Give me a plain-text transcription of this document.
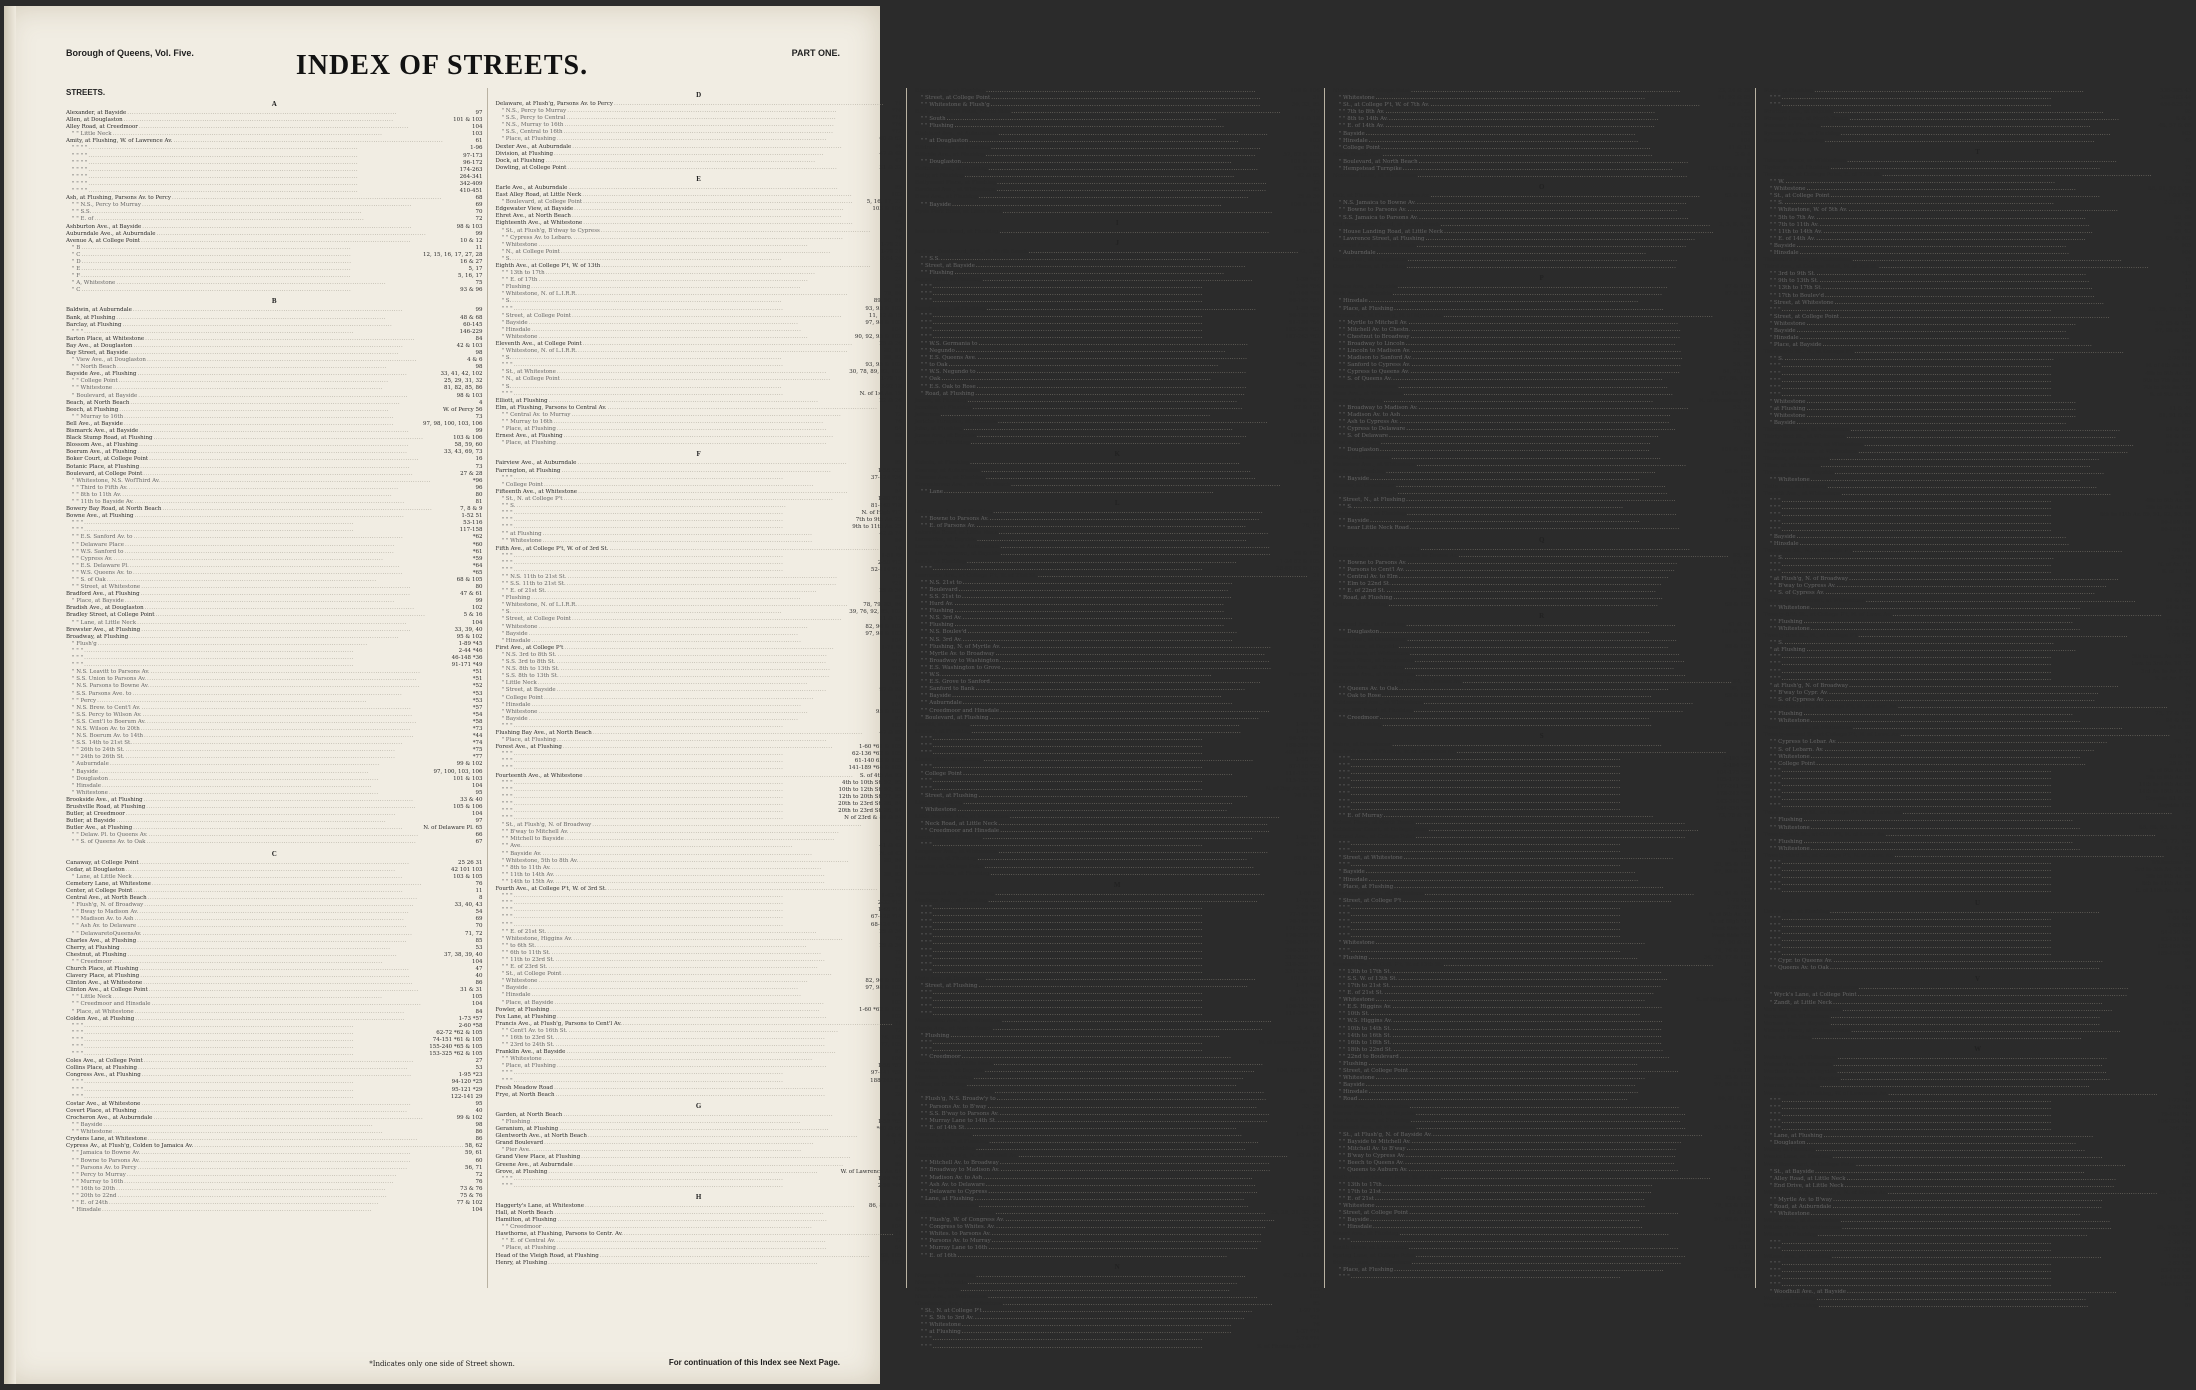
Borough of Queens, Vol. Five.	INDEX OF STREETS.	PART ONE.
STREETS.
A
Alexander, at Bayside
.....	97
Allen, at Douglaston
.....	101 & 103
Alley Road, at Creedmoor
.....	104
" " Little Neck
.....	103
Amity, at Flushing, W. of Lawrence Av.
.....	61
" " " "
.....	1-96
" " " "
.....	97-173
" " " "
.....	96-172
" " " "
.....	174-263
" " " "
.....	264-341
" " " "
.....	342-409
" " " "
.....	410-451
Ash, at Flushing, Parsons Av. to Percy
.....	68
" " N.S., Percy to Murray
.....	69
" " S.S.
.....	70
" " E. of
.....	72
Ashburton Ave., at Bayside
.....	98 & 103
Auburndale Ave., at Auburndale
.....	99
Avenue A, at College Point
.....	10 & 12
" B
.....	11
" C
.....	12, 15, 16, 17, 27, 28
" D
.....	16 & 27
" E
.....	5, 17
" F
.....	5, 16, 17
" A, Whitestone
.....	75
" C
.....	93 & 96
B
Baldwin, at Auburndale
.....	99
Bank, at Flushing
.....	48 & 68
Barclay, at Flushing
.....	60-145
" " "
.....	146-229
Barton Place, at Whitestone
.....	84
Bay Ave., at Douglaston
.....	42 & 103
Bay Street, at Bayside
.....	98
" View Ave., at Douglaston
.....	4 & 6
" " North Beach
.....	98
Bayside Ave., at Flushing
.....	33, 41, 42, 102
" " College Point
.....	25, 29, 31, 32
" " Whitestone
.....	81, 82, 85, 86
" Boulevard, at Bayside
.....	98 & 103
Beach, at North Beach
.....	4
Beech, at Flushing
.....	W. of Percy 56
" " Murray to 16th
.....	73
Bell Ave., at Bayside
.....	97, 98, 100, 103, 106
Bismarck Ave., at Bayside
.....	99
Black Stump Road, at Flushing
.....	103 & 106
Blossom Ave., at Flushing
.....	58, 59, 60
Boerum Ave., at Flushing
.....	33, 43, 69, 73
Boker Court, at College Point
.....	16
Botanic Place, at Flushing
.....	73
Boulevard, at College Point
.....	27 & 28
" Whitestone, N.S. WofThird Av.
.....	*96
" " Third to Fifth Av.
.....	96
" " 8th to 11th Av.
.....	80
" " 11th to Bayside Av.
.....	81
Bowery Bay Road, at North Beach
.....	7, 8 & 9
Bowne Ave., at Flushing
.....	1-52 51
" " "
.....	53-116
" " "
.....	117-158
" " E.S. Sanford Av. to
.....	*62
" " Delaware Place
.....	*60
" " W.S. Sanford to
.....	*61
" " Cypress Av.
.....	*59
" " E.S. Delaware Pl.
.....	*64
" " W.S. Queens Av. to
.....	*65
" " S. of Oak
.....	68 & 105
" " Street, at Whitestone
.....	80
Bradford Ave., at Flushing
.....	47 & 61
" Place, at Bayside
.....	99
Bradish Ave., at Douglaston
.....	102
Bradley Street, at College Point
.....	5 & 16
" " Lane, at Little Neck
.....	104
Brewster Ave., at Flushing
.....	33, 39, 40
Broadway, at Flushing
.....	95 & 102
" Flush'g
.....	1-89 *45
" " "
.....	2-44 *46
" " "
.....	46-148 *36
" " "
.....	91-171 *49
" N.S. Leavitt to Parsons Av.
.....	*51
" S.S. Union to Parsons Av.
.....	*51
" N.S. Parsons to Bowne Av.
.....	*52
" S.S. Parsons Ave. to
.....	*53
" " Percy
.....	*53
" N.S. Brew. to Cent'l Av.
.....	*57
" S.S. Percy to Wilson Av.
.....	*54
" S.S. Cent'l to Boerum Av.
.....	*58
" N.S. Wilson Av. to 20th
.....	*73
" N.S. Boerum Av. to 14th
.....	*44
" S.S. 14th to 21st St.
.....	*74
" " 26th to 24th St.
.....	*75
" " 24th to 26th St.
.....	*77
" Auburndale
.....	99 & 102
" Bayside
.....	97, 100, 103, 106
" Douglaston
.....	101 & 103
" Hinsdale
.....	104
" Whitestone
.....	95
Brookside Ave., at Flushing
.....	33 & 40
Brushville Road, at Flushing
.....	105 & 106
Butler, at Creedmoor
.....	104
Butler, at Bayside
.....	97
Butler Ave., at Flushing
.....	N. of Delaware Pl. 65
" " Delaw. Pl. to Queens Av.
.....	66
" " S. of Queens Av. to Oak
.....	67
C
Canaway, at College Point
.....	25 26 31
Cedar, at Douglaston
.....	42 101 103
" Lane, at Little Neck
.....	103 & 105
Cemetery Lane, at Whitestone
.....	76
Center, at College Point
.....	11
Central Ave., at North Beach
.....	8
" Flush'g, N. of Broadway
.....	33, 40, 43
" " Bway to Madison Av.
.....	54
" " Madison Av. to Ash
.....	69
" " Ash Av. to Delaware
.....	70
" " DelawaretoQueensAv.
.....	71, 72
Charles Ave., at Flushing
.....	85
Cherry, at Flushing
.....	53
Chestnut, at Flushing
.....	37, 38, 39, 40
" " Creedmoor
.....	104
Church Place, at Flushing
.....	47
Clavery Place, at Flushing
.....	40
Clinton Ave., at Whitestone
.....	86
Clinton Ave., at College Point
.....	31 & 31
" " Little Neck
.....	105
" " Creedmoor and Hinsdale
.....	104
" Place, at Whitestone
.....	84
Colden Ave., at Flushing
.....	1-73 *57
" " "
.....	2-60 *58
" " "
.....	62-72 *62 & 105
" " "
.....	74-151 *61 & 105
" " "
.....	155-240 *65 & 105
" " "
.....	153-325 *62 & 105
Coles Ave., at College Point
.....	27
Collins Place, at Flushing
.....	53
Congress Ave., at Flushing
.....	1-95 *23
" " "
.....	94-120 *25
" " "
.....	95-121 *29
" " "
.....	122-141 29
Costar Ave., at Whitestone
.....	95
Covert Place, at Flushing
.....	40
Crocheron Ave., at Auburndale
.....	99 & 102
" " Bayside
.....	98
" " Whitestone
.....	86
Crydens Lane, at Whitestone
.....	86
Cypress Av., at Flush'g, Colden to Jamaica Av.
.....	58, 62
" " Jamaica to Bowne Av.
.....	59, 61
" " Bowne to Parsons Av.
.....	60
" " Parsons Av. to Percy
.....	56, 71
" " Percy to Murray
.....	72
" " Murray to 16th
.....	76
" " 16th to 20th
.....	73 & 76
" " 20th to 22nd
.....	75 & 76
" " E. of 24th
.....	77 & 102
" Hinsdale
.....	104
D
Delaware, at Flush'g, Parsons Av. to Percy
.....	71
" N.S., Percy to Murray
.....	*70
" S.S., Percy to Central
.....	*71
" N.S., Murray to 16th
.....	*76
" S.S., Central to 16th
.....	*72
" Place, at Flushing
.....	60 & 62
Dexter Ave., at Auburndale
.....	46
Division, at Flushing
.....	47 & 48
Dock, at Flushing
.....	47
Dowling, at College Point
.....	31 & 32
E
Earle Ave., at Auburndale
.....	99
East Alley Road, at Little Neck
.....	103
" Boulevard, at College Point
.....	5, 16, 17, 27
Edgewater View, at Bayside
.....	103 & 106
Ehret Ave., at North Beach
.....	8
Eighteenth Ave., at Whitestone
.....	95
" St., at Flush'g, B'dway to Cypress
.....	76
" " Cypress Av. to Lebaro.
.....	76
" Whitestone
.....	1-79 21
" N., at College Point
.....	1-79 21
" S.
.....	2-84 20
Eighth Ave., at College P't, W. of 13th
.....	22
" " 13th to 17th
.....	23
" " E. of 17th
.....	24
" Flushing
.....	88
" Whitestone, N. of L.I.R.R.
.....	79, 80
" S.
.....	89, 90, 91
" " "
.....	93, 95 & 102
" Street, at College Point
.....	11, 12 & 15
" Bayside
.....	97, 98 & 103
" Hinsdale
.....	104
" Whitestone
.....	90, 92, 95 & 102
Eleventh Ave., at College Point
.....	25 & 26
" Whitestone, N. of L.I.R.R.
.....	80, 81
" S.
.....	88, 92
" " "
.....	93, 95 & 102
" St., at Whitestone
.....	30, 78, 89, 92, 102
" N., at College Point
.....	1-79 19
" S.
.....	2-92 18
" " "
.....	N. of 1st Av. 19
Elliott, at Flushing
.....	22 & 26
Elm, at Flushing, Parsons to Central Av.
.....	71
" " Central Av. to Murray
.....	72
" " Murray to 16th
.....	76
" Place, at Flushing
.....	64
Ernest Ave., at Flushing
.....	88
" Place, at Flushing
.....	88
F
Fairview Ave., at Auburndale
.....	99
Farrington, at Flushing
.....	1-56 *35
" " "
.....	37-124 *36
" College Point
.....	16
Fifteenth Ave., at Whitestone
.....	94
" St., N. at College P't
.....	1-80 *19
" " S.
.....	81-160 *18
" " "
.....	N. of High *17
" " "
.....	7th to 9th Av. 23
" " "
.....	9th to 11th Av. 25
" " at Flushing
.....	42 & 74
" " Whitestone
.....	80
Fifth Ave., at College P't, W. of of 3rd St.
.....	10
" " "
.....	1-51 *9
" " "
.....	2-50 *13
" " "
.....	52-114 *14
" " N.S. 11th to 21st St.
.....	*15
" " S.S. 11th to 21st St.
.....	*21
" " E. of 21st St.
.....	29 & 30
" Flushing
.....	88
" Whitestone, N. of L.I.R.R.
.....	78, 79, 83, 96
" S.
.....	39, 76, 92, 95, 102
" Street, at College Point
.....	11 & 12
" Whitestone
.....	82, 96 & 102
" Bayside
.....	97, 98 & 103
" Hinsdale
.....	104
First Ave., at College P't
.....	1-71 *8
" N.S. 3rd to 8th St.
.....	*12
" S.S. 3rd to 8th St.
.....	*11
" N.S. 8th to 13th St.
.....	*15
" S.S. 8th to 13th St.
.....	*14
" Little Neck
.....	103
" Street, at Bayside
.....	97 & 98
" College Point
.....	10
" Hinsdale
.....	104
" Whitestone
.....	95 & 102
" Bayside
.....	97
" " "
.....	103
Flushing Bay Ave., at North Beach
.....	47 & 89
" Place, at Flushing
.....	89
Forest Ave., at Flushing
.....	1-60 *61 & 105
" " "
.....	62-136 *62 & 105
" " "
.....	61-140 63 & 105
" " "
.....	141-189 *64 & 105
Fourteenth Ave., at Whitestone
.....	S. of 4th Av. 93
" " "
.....	4th to 10th St. 92, 95
" " "
.....	10th to 12th St. 92, 95
" " "
.....	12th to 20th St. 77, 95
" " "
.....	20th to 23rd St. 86, 94
" " "
.....	20th to 23rd St. 86, 94
" " "
.....	N of 23rd & 84 & 94
" St., at Flush'g, N. of Broadway
.....	73
" " B'way to Mitchell Av.
.....	44, 74
" " Mitchell to Bayside
.....	43
" " Ave.
.....	41 & 42
" " Bayside Av.
.....	N. of 43
" Whitestone, 5th to 8th Av.
.....	80, 90
" " 8th to 11th Av.
.....	81
" " 11th to 14th Av.
.....	88, 93
" " 14th to 15th Av.
.....	89
Fourth Ave., at College P't, W. of 3rd St.
.....	10
" " "
.....	1-43 *9
" " "
.....	2-32 *13
" " "
.....	1-66 *14
" " "
.....	67-125 *14
" " "
.....	68-124 *15
" " E. of 21st St.
.....	29 & 30
" Whitestone, Higgins Av.
.....	79
" " to 6th St.
.....	29 & 30
" " 6th to 11th St.
.....	78
" " 11th to 23rd St.
.....	79
" " E. of 23rd St.
.....	82
" St., at College Point
.....	11
" Whitestone
.....	82, 96 & 102
" Bayside
.....	97, 98 & 103
" Hinsdale
.....	104
" Place, at Bayside
.....	103
Fowler, at Flushing
.....	1-60 *62 & 105
Fox Lane, at Flushing
.....	102
Francis Ave., at Flush'g, Parsons to Cent'l Av.
.....	71
" " Cent'l Av. to 16th St.
.....	72
" " 16th to 23rd St.
.....	76, 105
" " 23rd to 24th St.
.....	77, 105
Franklin Ave., at Bayside
.....	97
" " Whitestone
.....	100
" Place, at Flushing
.....	1-56 *57
" " "
.....	97-141 *58
" " "
.....	188-243 60
Fresh Meadow Road
.....	87
Frye, at North Beach
.....	28
G
Garden, at North Beach
.....	4 & 6
" Flushing
.....	1-59 *65
Geranium, at Flushing
.....	*60 & 66
Glentworth Ave., at North Beach
.....	4 & 6
Grand Boulevard
.....	1-7
" Pier Ave.
.....	4
Grand View Place, at Flushing
.....	40
Greene Ave., at Auburndale
.....	99
Grove, at Flushing
.....	W. of Lawrence Av. 61
" " "
.....	1-99 *47
" " "
.....	2-98 *46
H
Haggerty's Lane, at Whitestone
.....	86, 88 & 94
Hall, at North Beach
.....	8
Hamilton, at Flushing
.....	48
" " Creedmoor
.....	104
Hawthorne, at Flushing, Parsons to Centr. Av.
.....	71
" " E. of Central Av.
.....	72
" Place, at Flushing
.....	64
Head of the Vleigh Road, at Flushing
.....	68, 105
Henry, at Flushing
.....	77, 105
Higgins Ave., at Flushing
.....	100 & 106
" Street, at College Point
.....	31
" " Whitestone & Flush'g
.....	30, 33, 95
High, at College Point, North Side
.....	*17
" " South
.....	*14 & 18
" " Flushing
.....	*35
Highland Ave., at Auburndale
.....	99
" " at Douglaston
.....	103
Hildreth Place, at Flushing
.....	74
Hillside Ave., at Flushing
.....	57, 62 & 105
" " Douglaston
.....	101 & 103
Hoffman Ave., at Flushing
.....	63 & 105
Holly, at Flushing
.....	62 & 65
Hollywood Place, at Flushing
.....	72
Howland Ave., at Whitestone
.....	95
Hurd Ave., at Flushing
.....	29 & 30
" " Bayside
.....	100 & 106
Hyde Park Road, at Little Neck
.....	103
I
Ireland Mill Road, at Flushing
.....	68 & 105
J
Jackson Boulevard, N.S., at North Beach
.....	*2, 3, 4
" " S.S.
.....	*6
" Street, at Bayside
.....	98
" " Flushing
.....	103
Jaggar Ave., at Flushing
.....	1-39 *47
" " "
.....	2-84 *56
" " "
.....	41-109 *48
" " "
.....	86-102 *54
Jamaica Ave., at Flushing
.....	1-89 *59
" " "
.....	90-180 *59
" " "
.....	91-184 *60
" " "
.....	183-298 *62
" " "
.....	187-263 *62
" " W.S. Germania to
.....	*65
" " Negundo
.....	*65
" " E.S. Queens Ave.
.....	*65
" " to Oak
.....	*66, 105
" " W.S. Negundo to
.....	*65
" " Oak
.....	*65
" " E.S. Oak to Rose
.....	*68, 105
" Road, at Flushing
.....	105
James, at Flushing
.....	68 & 105
Jasmine, at Flushing
.....	67 & 105
Jefferson
.....	61
Jericho Turnpike, at Hinsdale
.....	104
John, at Flushing
.....	61
Jones Ave., at Bayside
.....	100 & 106
Juniper, at Flushing
.....	65 & 105
K
Kalmia, at Flushing
.....	65 & 105
Keerney, at Auburndale
.....	99
Kissena Ave., at Flushing
.....	65
Kowenhoven Ave., at North Beach
.....	5
" " Lane
.....	6
L
Laburnum Ave., at Flushing
.....	1-62 66
" " Bowne to Parsons Av.
.....	67
" " E. of Parsons Av.
.....	76, 71
Lakeville Road, at Little Neck
.....	103
Lamartine, at Bayside
.....	99
Lancaster Ave., at Auburndale
.....	99
Lane to Frogstown, at Bayside
.....	98 & 102
Larch, at Flushing
.....	1-24 62 & 105
" " "
.....	25-68 63 & 105
Lawrence Ave., at College P't, W. of 21st St.
.....	21
" " N.S. 21st to
.....	*27
" " Boulevard
.....	*27
" " S.S. 21st to
.....	28
" " Hurd Av.
.....	29
" " Flushing
.....	*36
" " N.S. 3rd Av.
.....	*26
" " Flushing
.....	*31
" " N.S. Boulev'd
.....	*29
" " N.S. 3rd Av.
.....	*46
" " Flushing, N. of Myrtle Av.
.....	61
" " Myrtle Av. to Broadway
.....	*47
" " Broadway to Washington
.....	*48
" " E.S. Washington to Grove
.....	*46
" " W.S.
.....	Fowler *61
" " E.S. Grove to Sanford
.....	*41
" " Sanford to Bank
.....	*58
" " Bayside
.....	97 & 103
" " Auburndale
.....	99
" " Creedmoor and Hinsdale
.....	104
" Boulevard, at Flushing
.....	73
Leavitt, at Flushing
.....	1-89 *46
Lincoln, at Flushing
.....	1-40 *45
" " "
.....	90-167 *49
" " "
.....	168-389 *48
" " "
.....	406-417 *73
Linden Ave., at Flushing
.....	1-56 *27
" " "
.....	57-110 *35
" College Point
.....	111-150 *35
" " "
.....	115-153 *22
" " "
.....	N. of Bay Av. 28, 32
" Street, at Flushing
.....	76 & 105
Linn, at Flushing
.....	45
" Whitestone
.....	75
Little Bayside Ave., at Whitestone
.....	100
" Neck Road, at Little Neck
.....	103
" " Creedmoor and Hinsdale
.....	104
Locust Ave., at Flushing
.....	1-80 *61
" " "
.....	2-90 *61
Longview Ave., at Whitestone
.....	100
Lott Lane, at Flushing
.....	68 & 105
Loudon, at College Point
.....	15
Lucerne Place, at Flushing
.....	75 & 102
M
Macdonald Ave., at Flushing
.....	1-56 50
Madison Ave., at Flushing
.....	1-76 *53
" " "
.....	2-74 *54
" " "
.....	77-169 *55
" " "
.....	76-168 *56
" " "
.....	171-245 *73
" " "
.....	170-238 *72
" " "
.....	246-319 *74
" " "
.....	240-316 *74
" " "
.....	312-350 *77
" " "
.....	318-350 *75
" " "
.....	331-355 *77
Main Ave., at Douglaston
.....	101 & 103
" Street, at Flushing
.....	1-47 *48
" " "
.....	2-98 *49
" " "
.....	49-111 *50
" " "
.....	106-152 *51
" " "
.....	111-204 *64
Manhattan Ave., at Whitestone
.....	102
Maple Ave., at North Beach
.....	3, 4 & 6
" Flushing
.....	52
" " "
.....	W. of Lawrence Av. 61
" " "
.....	57-77 *47
" " Creedmoor
.....	104
Marvin Road, at Little Neck
.....	103
Maurice Ave., at Bayside
.....	100, 103 & 106
Meadow, at Flushing
.....	88
Miller, at Flushing
.....	60
Mitchell Ave., at Whitestone
.....	99, 102
" Flush'g, N.S. Broadw'y to
.....	*43
" " Parsons Av. to B'way
.....	33, 39
" " S.S. B'way to Parsons Av.
.....	39
" " Murray Lane to 14th St.
.....	41
" " E. of 14th St.
.....	41 & 42
Monroe, at Flushing
.....	1-54 *57
Montauk Ave., at Flushing
.....	50
Mulberry, at Flushing
.....	45
Murray, at Flush'g, N. of Mitchell Av.
.....	33 & 41
" " Mitchell Av. to Broadway
.....	44
" " Broadway to Madison Av.
.....	55
" " Madison Av. to Ash
.....	69
" " Ash Av. to Delaware
.....	70
" " Delaware to Cypress
.....	72
" Lane, at Flushing
.....	33 & 41
Musket, at Whitestone
.....	95
Myrtle Ave., at College Point
.....	25, 29, 31, 32, 34
" " Flush'g, W. of Congress Av.
.....	33, 35
" " Congress to Whites. Av.
.....	35, 36
" " Whites. to Parsons Av.
.....	33, 37
" " Parsons Av. to Murray
.....	38
" " Murray Lane to 16th
.....	41
" " E. of 16th
.....	41 & 42
N
Negundo, at Flushing
.....	62, 65 & 105
Nelson, at Bayside
.....	97
New, at Bayside
.....	103
Nicoll Ave., at Whitestone
.....	102
Nineteenth Ave., at Whitestone
.....	95
" St., N. at College P't
.....	1-97 19
" " S. 5th to 3rd Av.
.....	*21
" " Whitestone
.....	76
" " at Flushing
.....	1-37 *74
" " "
.....	2-74 *74
" " "
.....	S. of Flushing 42 & 87
Ninth Ave., at College Point
.....	23, 24 & 26
" Whitestone
.....	91, 92 & 95
" St., at College P't, W. of 7th Av.
.....	29 & 30
" " 7th to 8th Av.
.....	*22
" " 8th to 14th Av.
.....	*23
" " E. of 14th Av.
.....	25 & 29
" Bayside
.....	103
" Hinsdale
.....	104
" College Point
.....	11 & 15
North Beach Ave.
.....	3 & 4
" Boulevard, at North Beach
.....	6
" Hempstead Turnpike
.....	103, 105 & 106
Nostrand Lane, at Whitestone
.....	28 & 78
O
Oak, at Flushing, W. of Jamaica Av.
.....	62 & 105
" N.S. Jamaica to Bowne Av.
.....	*66
" " Bowne to Parsons Av.
.....	*67
" S.S. Jamaica to Parsons Av.
.....	*68
Old Bowery Bay Road, at North Beach
.....	2, 3, 6, 8, 9
" House Landing Road, at Little Neck
.....	103
" Lawrence Street, at Flushing
.....	61
Orchard Ave., at North Beach
.....	6
" Auburndale
.....	99
Orient Ave., at Douglaston
.....	101 & 103
Osgood Place, at Flushing
.....	40
P
Palace Ave., at Bayside
.....	97 & 103
Park Ave., at Bayside
.....	97 & 103
" Hinsdale
.....	104
" Place, at Flushing
.....	56
Parsons Av., at Flush'g, N. of Myrtle Av.
.....	33
" " Myrtle to Mitchell Av.
.....	33, 37
" " Mitchell Av. to Chestn.
.....	37, 38
" " Chestnut to Broadway
.....	38, 39
" " Broadway to Lincoln
.....	51, 52
" " Lincoln to Madison Av.
.....	52, 53
" " Madison to Sanford Av.
.....	56
" " Sanford to Cypress Av.
.....	56, 60
" " Cypress to Queens Av.
.....	64, 70, 71
" " S. of Queens Av.
.....	67, 68, 105
Pearsall, at Whitestone
.....	95
Penn Ave., at Whitestone
.....	95, 100 & 102
Percy, at Flushing
.....	N. of Broadway 44
" " Broadway to Madison Av.
.....	53, 54
" " Madison Av. to Ash
.....	69
" " Ash to Cypress Av.
.....	56, 70
" " Cypress to Delaware
.....	70, 71
" " S. of Delaware
.....	71
Pine, at Flushing
.....	99
" " Douglaston
.....	101 & 103
Pistol, at Creedmoor
.....	104
Plainview Ave., at Whitestone
.....	100
Poplar, at Flushing
.....	68 & 105
" " Bayside
.....	103
Powder, at Creedmoor
.....	104
Prince Ave., at Bayside
.....	100 & 106
" Street, N., at Flushing
.....	1-99 *46
" " S.
.....	2-96 *53
Prospect Ave., at Flushing
.....	61
" " Bayside
.....	97 & 103
" " near Little Neck Road
.....	103
Q
Quarrelsome Lane, at Flushing
.....	105
Queens Av., at Flush'g, Jamaica to Bowne Av.
.....	65, 66
" " Bowne to Parsons Av.
.....	64, 67
" " Parsons to Cent'l Av.
.....	71, 105
" " Central Av. to Elm
.....	72, 105
" " Elm to 22nd St.
.....	76
" " E. of 22nd St.
.....	77, 102
" Road, at Flushing
.....	105
Quince, at Flushing
.....	68 & 105
R
Railroad Ave., at Flushing
.....	61 & 74
" " Douglaston
.....	101 & 103
Range Ave., at Creedmoor
.....	104
Reads Lane, at Bayside
.....	98 & 103
Reed's Lane, at Whitestone
.....	86
Regatta Place, at Douglaston
.....	101
Remsen Ave., at Flushing
.....	69
Riverside Ave., at Whitestone
.....	77
Robinson Ave., at Flush'g, Cypr. to Queens Av.
.....	64, 65
" " Queens Av. to Oak
.....	66, 105
" " Oak to Rose
.....	68 & 105
Robinswood Ave., at Whitestone
.....	102
Rocky Hill Road, at Flushing
.....	104
" " Creedmoor
.....	104
Rose, at Flushing
.....	68 & 105
S
Sabre, at Creedmoor
.....	104
Sanford Ave., at Flush'g, W. of Lawrence Av.
.....	61
" " "
.....	1-103 *58
" " "
.....	2-104 *57
" " "
.....	104-175 *56
" " "
.....	105-176 *59
" " "
.....	177-241 *59
" " "
.....	178-242 *60
" " "
.....	243-340 *56
" " "
.....	244-336 *56
" " E. of Murray
.....	73, 75 & 76
School Place, at North Beach
.....	4
Schleicher Court, at College Point
.....	16
Second Ave., at College Point
.....	1-50
" " "
.....	51-100
" " "
.....	106-215
" Street, at Whitestone
.....	10
" " "
.....	30, 95 & 102
" Bayside
.....	97, 98 & 103
" Hinsdale
.....	104
" Place, at Flushing
.....	88
Seventeenth Ave., at Whitestone
.....	93, 94 & 102
" Street, at College P't
.....	1-79 *19
" " "
.....	2-78 *21
" " "
.....	S. of 5th Av. 26
" " "
.....	N. of High *17
" " "
.....	East Side *24
" " "
.....	West Side *23
" Whitestone
.....	87, 90 & 91
" " "
.....	74, 76 & 105
" Flushing
.....	36, 75, 77 & 105
Seventh Ave., at Coll. P't, W. of 13th St.
.....	10
" " 13th to 17th St.
.....	20
" " S.S. W. of 13th St.
.....	*22
" " 17th to 21st St.
.....	*24
" " E. of 21st St.
.....	29
" Whitestone
.....	S. of Higgins Av. 95
" " E.S. Higgins Av.
.....	95
" " 10th St.
.....	95
" " W.S. Higgins Av.
.....	79
" " 10th to 14th St.
.....	80
" " 14th to 16th St.
.....	81
" " 16th to 18th St.
.....	83, 86
" " 18th to 22nd St.
.....	86, 95
" " 22nd to Boulevard
.....	95
" Flushing
.....	88
" Street, at College Point
.....	12 & 16
" Whitestone
.....	30, 95 & 102
" Bayside
.....	97, 98 & 103
" Hinsdale
.....	104
" Road
.....	80, 81 & 88
Shaker Ave., at Douglaston
.....	103
Shaver Boulevard, at Bayside
.....	97
Sheridan Place, at Flushing
.....	69
Sixteenth Ave., at Whitestone
.....	93, 94 & 102
" St., at Flush'g, N. of Bayside Av.
.....	42
" " Bayside to Mitchell Av.
.....	41
" " Mitchell Av. to B'way
.....	44, 74
" " B'way to Cypress Av.
.....	74
" " Beech to Queens Av.
.....	76
" " Queens to Auburn Av.
.....	76, 105
Sixth Ave., at College Point, W. of 13th
.....	16
" " 13th to 17th
.....	20
" " 17th to 21st
.....	21
" " E. of 21st
.....	*29 & 30
" Whitestone
.....	79, 83 & 102
" Street, at College Point
.....	12 & 16
" " Bayside
.....	97, 98 & 103
" " Hinsdale
.....	104
Smart Ave., at Flushing
.....	1-60
" " "
.....	2-60
South Drive, at Little Neck
.....	121-212
Spring Lane, at College Point
.....	67
Station Lane, at Whitestone
.....	1-49
" Place, at Flushing
.....	2222-209
" " "
.....	19, 87
State, at Flushing
.....	338-385 43
" " "
.....	386-453 44
" " "
.....	454-525 74
Stratton Ave., at Bayside
.....	98
Strong's Lane, at North Beach
.....	8 & 9
Sumner, at Flushing
.....	48, 57 & 68
Sycamore Ave., at Flushing
.....	103
Sylvester, at Flushing
.....	49
T
Talmage Place, at Whitestone
.....	78
Taylor Ave., at Flushing
.....	73
Tenth Ave., at College Point, E. of 17th St.
.....	24
" " W.
.....	*26
" Whitestone
.....	88, 91, 92 & 95
" St., at College Point
.....	1-93 *21
" " S.
.....	2-22 & 26
" " Whitestone, W. of 5th Av.
.....	30
" " 5th to 7th Av.
.....	80, 86
" " 7th to 11th Av.
.....	79, 86
" " 11th to 14th Av.
.....	89, 92
" " E. of 14th Av.
.....	95 & 102
" Bayside
.....	103
" Hinsdale
.....	104
Thalman's Place, at Whitestone
.....	78
Third Ave., at College Point, W. of 3rd St.
.....	9
" " 3rd to 9th St.
.....	*13
" " 9th to 13th St.
.....	11
" " 13th to 17th St.
.....	15
" " 17th to Boulev'd
.....	18, 27
" Street, at Whitestone
.....	30
" " "
.....	28, 29, 78 & 96
" Street, at College Point
.....	11
" Whitestone
.....	30, 95 & 102
" Bayside
.....	97, 98 & 103
" Hinsdale
.....	104
" Place, at Bayside
.....	98
Thirteenth St., N., at College P't
.....	1-79 *19
" " S.
.....	2-78 *18
" " "
.....	N. of 4th Av. *15
" " "
.....	4th to 5th Av. 20
" " "
.....	5th to 7th Av. *21
" " "
.....	7th to 9th Av. *22
" " "
.....	S. of 9th Av. 26
" Whitestone
.....	79
" at Flushing
.....	41 & 44
" Whitestone
.....	81, 91 & 93
" Bayside
.....	103
Thirtieth Street, at Whitestone
.....	94 & 102
Thirty-first St., at Whitestone
.....	94 & 102
Thirty-second Street, at Whitestone
.....	94 & 102
Thirty-third Street, at Whitestone
.....	94 & 102
Thomas, at Auburndale
.....	99
Titus, at Whitestone
.....	102
Tremont Ave., at Bayside
.....	100 & 106
" " Whitestone
.....	95
Tulip Ave., at Flushing
.....	65
Twelfth Ave., at Whitestone
.....	81, 90
" " "
.....	4th to 5th Av. 80
" " "
.....	5th to 7th Av. 86
" " "
.....	8th to 11th Av. 89, 91, 92, 93, 96
" " "
.....	80-169 *16
" " "
.....	80-160 *16
" Bayside
.....	103
" Hinsdale
.....	104
Twentieth St., N., at College P't
.....	1-79 *16
" " S.
.....	2-78 *8
" " "
.....	N. of Av. F 5
" " "
.....	S. of " " 10
" at Flush'g, N. of Broadway
.....	74
" " B'way to Cypress Av.
.....	73, 75
" " S. of Cypress Av.
.....	73, 75
Twenty-eighth Street, at Whitestone
.....	94 & 102
" " Whitestone
.....	94 & 102
Twenty-fifth St., at College P't, N. of Lawr. Av.
.....	27
" " Flushing
.....	77 & 105
" " Whitestone
.....	94 & 102
Twenty-first St., N., at College P't
.....	1-79 *21
" " S.
.....	2-78 *22
" at Flushing
.....	74
" " "
.....	5th to Law. Av. 18, 29
" " "
.....	Law. to 3rd Av. 18, 27
" " "
.....	3rd Av. to Av. F 27
" " "
.....	S. of Av. F 27
" at Flush'g, N. of Broadway
.....	74
" " B'way to Cypr. Av.
.....	74
" " S. of Cypress Av.
.....	75
Twenty-fourth St., at College P't, N. of Lawr. Av.
.....	27
" " Flushing
.....	75, 77 & 105
" " Whitestone
.....	94 & 102
Twenty-ninth St., at Whitestone
.....	94 & 96
Twenty-second St., at College P't, N. of Lawr. Av.
.....	27
" " Cypress to Lebar. Av.
.....	76, 77
" " S. of Lebarn. Av.
.....	77
" " Whitestone
.....	26 & 78
" " College Point
.....	26 & 78
" " "
.....	S. of 5th Av. 16
" " "
.....	5th to 8th Av. 83
" " "
.....	11th to 14th Av. 86
" " "
.....	14th to 15th Av. 88
" " "
.....	Bayside 81 & 85
" " "
.....	Bayside 103
Twenty-seventh St., at College P't, N. of Lawr. Av.
.....	27
" " Flushing
.....	77
" " Whitestone
.....	86, 88, 93, 94, 102
Twenty-sixth St., at Coll. P't, N. of Lawr. Av.
.....	27
" " Flushing
.....	75, 77, 105
" " Whitestone
.....	94 & 102
Twenty-third St., at College P't, N. of Lawr. Av.
.....	27
" " "
.....	Whitestone 25
" " "
.....	3rd to 5th Av. 29, 96
" " "
.....	5th to 8th Av. 83
" " "
.....	8th to 11th Av. 86
" " "
.....	E. of 11th Av. 81, 96
U
Union Ave., at Flushing
.....	68 & 105
" " "
.....	1-81 *49
" " "
.....	2-82 *51
" " "
.....	64-130 *52
" " "
.....	83-131 *53
" " "
.....	132-158 *54
" " "
.....	159-195 *55
" " Cypr. to Queens Av.
.....	64
" " Queens Av. to Oak
.....	66
V
Van Nostrand Ave., at Douglaston
.....	42 & 103
" Wyck's Lane, at College Point
.....	21
" Zandt, at Little Neck
.....	103
Vera Terrace, at Whitestone
.....	102
Vermont, at Whitestone
.....	95
Vernon Ave., at Bayside
.....	100 & 106
Victoria Place, at College Point
.....	26 & 29
Vine, at Flushing
.....	102
W
Waldo Ave., at Whitestone
.....	102
Walnut Ave., at Hinsdale
.....	104
Warfield Place, at Bayside
.....	99
Warburton Ave., at Bayside
.....	99
Warren, at Flushing
.....	49
Washington, at Flushing, W. of Lawrence Av.
.....	61
" " "
.....	1-77 *46
" " "
.....	2-78 *45
" " "
.....	79-181 *47
" " "
.....	106-204 *48
" " "
.....	206-295
" Lane, at Flushing
.....	21
" Douglaston
.....	102
Water, at Flushing
.....	45
Weeks Lane, at Flushing
.....	106
West Boulevard, at College Point
.....	36
" St., at Bayside
.....	97
" Alley Road, at Little Neck
.....	103
" End Drive, at Little Neck
.....	103
Whitestone Ave., at Flush'g, N. of Myrtle Av.
.....	29, 33 & 34
" " Myrtle Av. to B'way
.....	33 & 34
" Road, at Auburndale
.....	99
" " Whitestone
.....	86
Willets Ave., at Auburndale
.....	99
Willets Point, at Whitestone
.....	95, 100, 102
Willow, at Flushing
.....	1-35 *74
" " "
.....	2-36 *74
" " "
.....	37-78 *73
Wilson Ave., at Flushing
.....	1-51 *34
" " "
.....	2-52 *35
" " "
.....	53-112 *38
" " "
.....	54-110 *39
" " "
.....	140-155 70
" Woodhull Ave., at Bayside
.....	99
Worth, at Flushing
.....	61
Wright, at Flushing
.....	61
*Indicates only one side of Street shown.	For continuation of this Index see Next Page.
